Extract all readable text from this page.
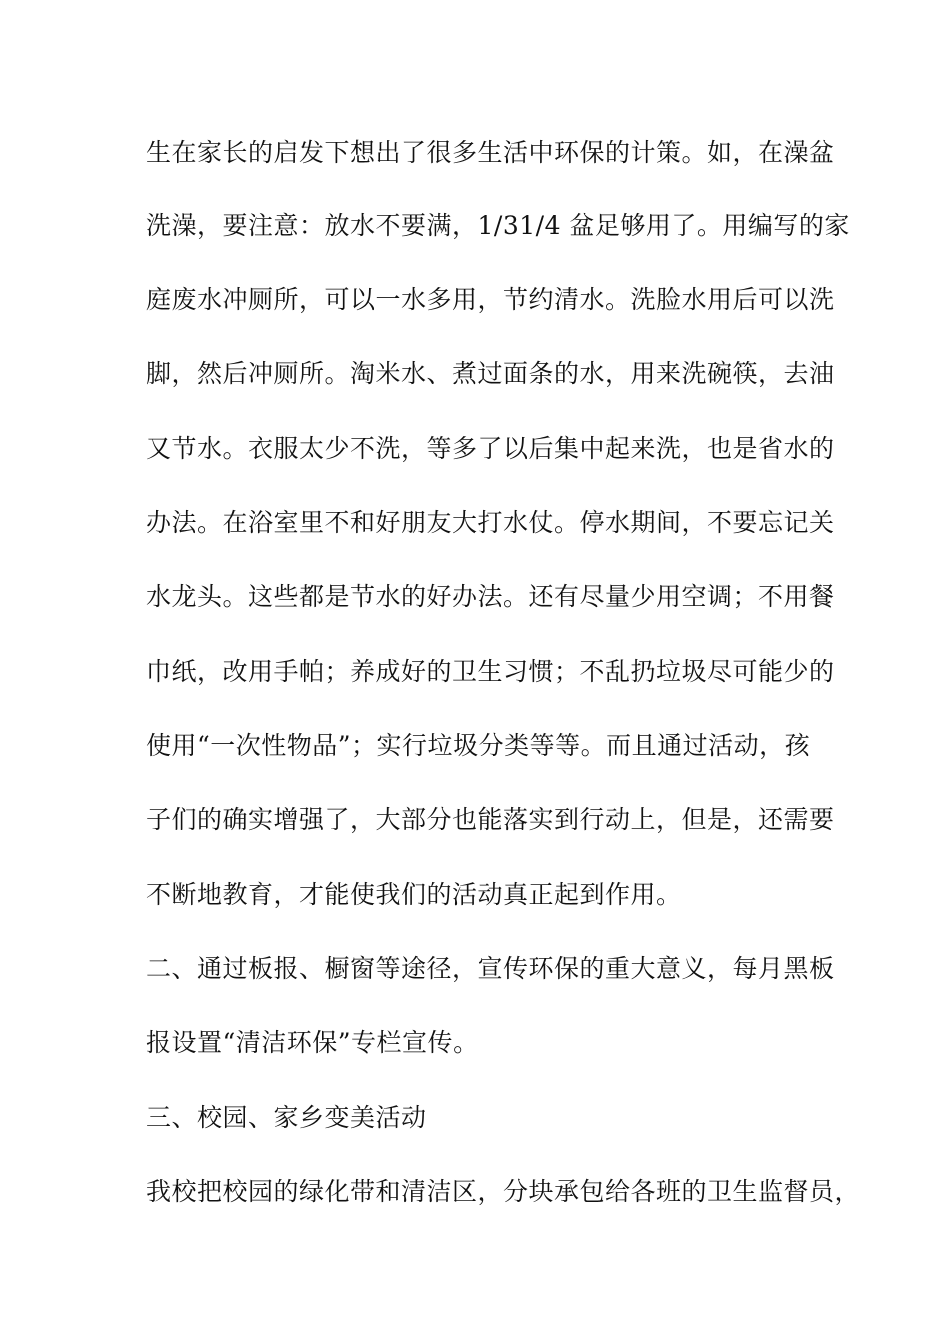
生在家长的启发下想出了很多生活中环保的计策。如，在澡盆
洗澡，要注意：放水不要满，1/31/4 盆足够用了。用编写的家
庭废水冲厕所，可以一水多用，节约清水。洗脸水用后可以洗
脚，然后冲厕所。淘米水、煮过面条的水，用来洗碗筷，去油
又节水。衣服太少不洗，等多了以后集中起来洗，也是省水的
办法。在浴室里不和好朋友大打水仗。停水期间，不要忘记关
水龙头。这些都是节水的好办法。还有尽量少用空调；不用餐
巾纸，改用手帕；养成好的卫生习惯；不乱扔垃圾尽可能少的
使用“一次性物品”；实行垃圾分类等等。而且通过活动，孩
子们的确实增强了，大部分也能落实到行动上，但是，还需要
不断地教育，才能使我们的活动真正起到作用。
二、通过板报、橱窗等途径，宣传环保的重大意义，每月黑板
报设置“清洁环保”专栏宣传。
三、校园、家乡变美活动
我校把校园的绿化带和清洁区，分块承包给各班的卫生监督员，
